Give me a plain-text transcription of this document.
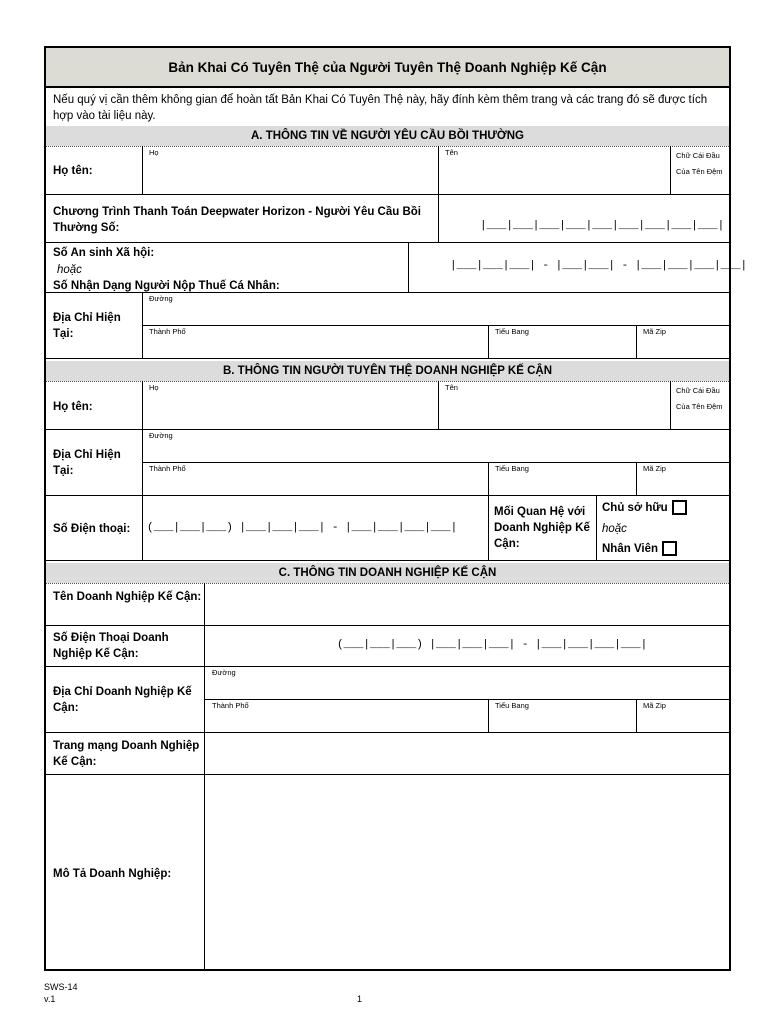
Bản Khai Có Tuyên Thệ của Người Tuyên Thệ Doanh Nghiệp Kế Cận
Nếu quý vị cần thêm không gian để hoàn tất Bản Khai Có Tuyên Thệ này, hãy đính kèm thêm trang và các trang đó sẽ được tích hợp vào tài liệu này.
A. THÔNG TIN VỀ NGƯỜI YÊU CẦU BỒI THƯỜNG
Họ tên:
Họ	Tên	Chữ Cái Đầu Của Tên Đệm
Chương Trình Thanh Toán Deepwater Horizon - Người Yêu Cầu Bồi Thường Số:	|___|___|___|___|___|___|___|___|___|
Số An sinh Xã hội:
hoặc
Số Nhận Dạng Người Nộp Thuế Cá Nhân:
|___|___|___| - |___|___| - |___|___|___|___|
Địa Chỉ Hiện Tại:
Đường
Thành Phố	Tiểu Bang	Mã Zip
B. THÔNG TIN NGƯỜI TUYÊN THỆ DOANH NGHIỆP KẾ CẬN
Họ tên:
Họ	Tên	Chữ Cái Đầu Của Tên Đệm
Địa Chỉ Hiện Tại:
Đường
Thành Phố	Tiểu Bang	Mã Zip
Số Điện thoại: (___|___|___) |___|___|___| - |___|___|___|___|
Mối Quan Hệ với Doanh Nghiệp Kế Cận:
Chủ sở hữu
hoặc
Nhân Viên
C. THÔNG TIN DOANH NGHIỆP KẾ CẬN
Tên Doanh Nghiệp Kế Cận:
Số Điện Thoại Doanh Nghiệp Kế Cận:
(___|___|___) |___|___|___| - |___|___|___|___|
Địa Chỉ Doanh Nghiệp Kế Cận:
Đường
Thành Phố	Tiểu Bang	Mã Zip
Trang mạng Doanh Nghiệp Kế Cận:
Mô Tả Doanh Nghiệp:
SWS-14
v.1	1
